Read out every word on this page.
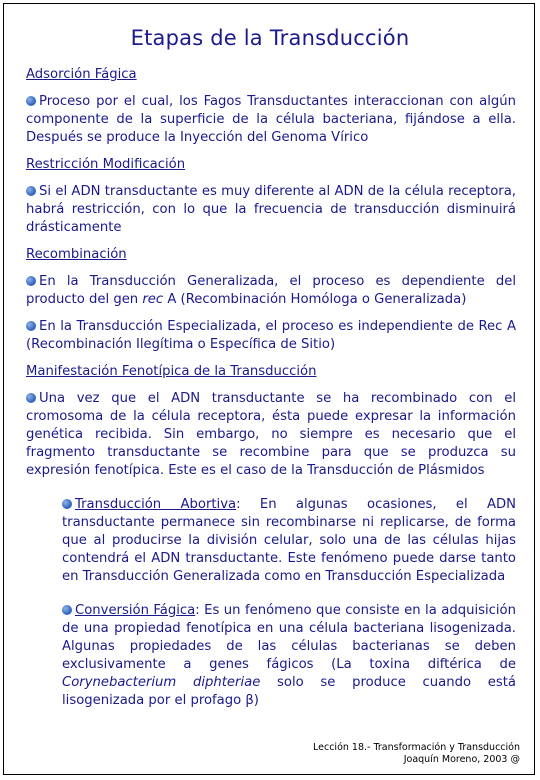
Etapas de la Transducción
Adsorción Fágica
Proceso por el cual, los Fagos Transductantes interaccionan con algún componente de la superficie de la célula bacteriana, fijándose a ella. Después se produce la Inyección del Genoma Vírico
Restricción Modificación
Si el ADN transductante es muy diferente al ADN de la célula receptora, habrá restricción, con lo que la frecuencia de transducción disminuirá drásticamente
Recombinación
En la Transducción Generalizada, el proceso es dependiente del producto del gen rec A (Recombinación Homóloga o Generalizada)
En la Transducción Especializada, el proceso es independiente de Rec A (Recombinación Ilegítima o Específica de Sitio)
Manifestación Fenotípica de la Transducción
Una vez que el ADN transductante se ha recombinado con el cromosoma de la célula receptora, ésta puede expresar la información genética recibida. Sin embargo, no siempre es necesario que el fragmento transductante se recombine para que se produzca su expresión fenotípica. Este es el caso de la Transducción de Plásmidos
Transducción Abortiva: En algunas ocasiones, el ADN transductante permanece sin recombinarse ni replicarse, de forma que al producirse la división celular, solo una de las células hijas contendrá el ADN transductante. Este fenómeno puede darse tanto en Transducción Generalizada como en Transducción Especializada
Conversión Fágica: Es un fenómeno que consiste en la adquisición de una propiedad fenotípica en una célula bacteriana lisogenizada. Algunas propiedades de las células bacterianas se deben exclusivamente a genes fágicos (La toxina diftérica de Corynebacterium diphteriae solo se produce cuando está lisogenizada por el profago β)
Lección 18.- Transformación y Transducción
Joaquín Moreno, 2003 @
